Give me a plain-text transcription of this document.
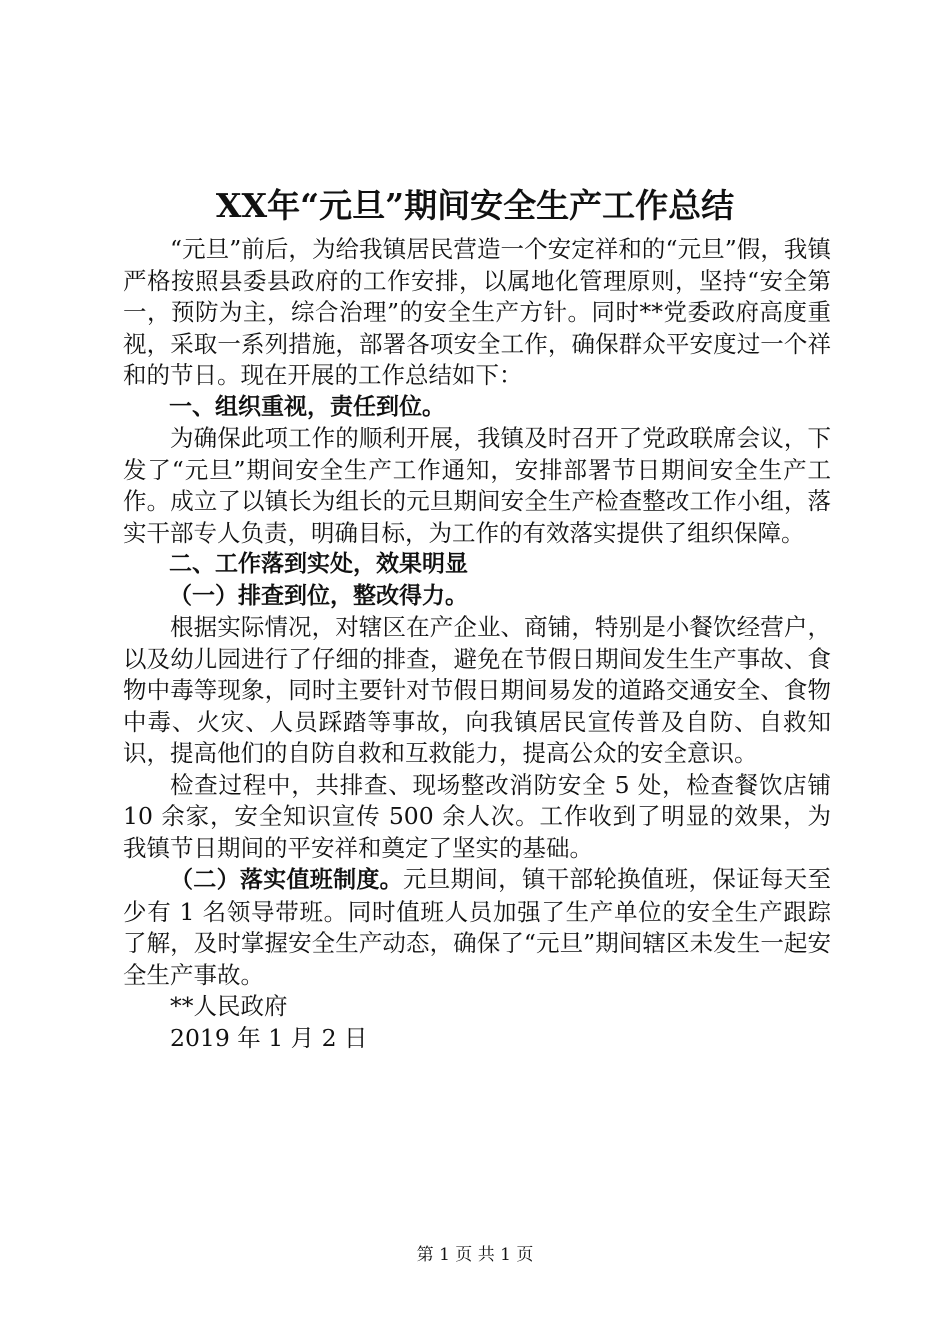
XX年“元旦”期间安全生产工作总结

“元旦”前后，为给我镇居民营造一个安定祥和的“元旦”假，我镇严格按照县委县政府的工作安排，以属地化管理原则，坚持“安全第一，预防为主，综合治理”的安全生产方针。同时**党委政府高度重视，采取一系列措施，部署各项安全工作，确保群众平安度过一个祥和的节日。现在开展的工作总结如下：

一、组织重视，责任到位。

为确保此项工作的顺利开展，我镇及时召开了党政联席会议，下发了“元旦”期间安全生产工作通知，安排部署节日期间安全生产工作。成立了以镇长为组长的元旦期间安全生产检查整改工作小组，落实干部专人负责，明确目标，为工作的有效落实提供了组织保障。

二、工作落到实处，效果明显

（一）排查到位，整改得力。

根据实际情况，对辖区在产企业、商铺，特别是小餐饮经营户，以及幼儿园进行了仔细的排查，避免在节假日期间发生生产事故、食物中毒等现象，同时主要针对节假日期间易发的道路交通安全、食物中毒、火灾、人员踩踏等事故，向我镇居民宣传普及自防、自救知识，提高他们的自防自救和互救能力，提高公众的安全意识。

检查过程中，共排查、现场整改消防安全 5 处，检查餐饮店铺 10 余家，安全知识宣传 500 余人次。工作收到了明显的效果，为我镇节日期间的平安祥和奠定了坚实的基础。

（二）落实值班制度。元旦期间，镇干部轮换值班，保证每天至少有 1 名领导带班。同时值班人员加强了生产单位的安全生产跟踪了解，及时掌握安全生产动态，确保了“元旦”期间辖区未发生一起安全生产事故。

**人民政府

2019 年 1 月 2 日

第 1 页 共 1 页
